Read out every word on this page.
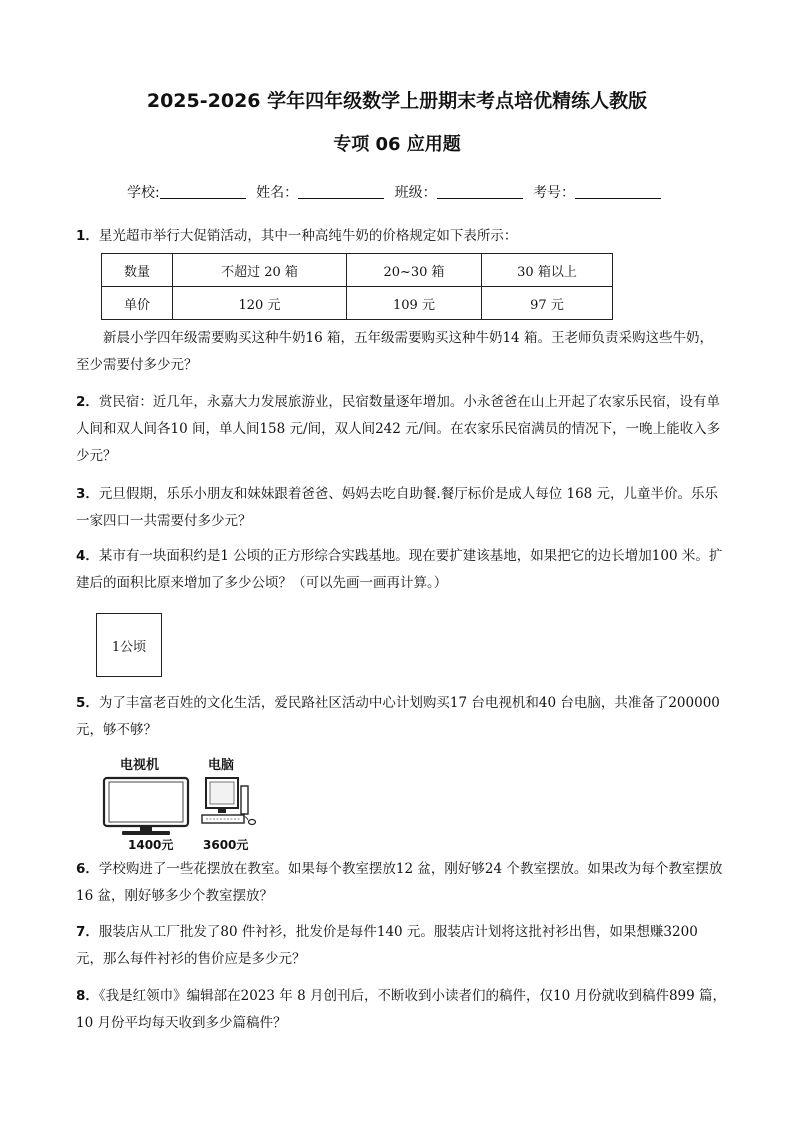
2025-2026 学年四年级数学上册期末考点培优精练人教版
专项 06 应用题
学校:	姓名：	班级：	考号：
1．星光超市举行大促销活动，其中一种高纯牛奶的价格规定如下表所示：
数量	不超过 20 箱	20~30 箱	30 箱以上
单价	120 元	109 元	97 元
新晨小学四年级需要购买这种牛奶16 箱，五年级需要购买这种牛奶14 箱。王老师负责采购这些牛奶，至少需要付多少元？
2．赏民宿：近几年，永嘉大力发展旅游业，民宿数量逐年增加。小永爸爸在山上开起了农家乐民宿，设有单人间和双人间各10 间，单人间158 元/间，双人间242 元/间。在农家乐民宿满员的情况下，一晚上能收入多少元？
3．元旦假期，乐乐小朋友和妹妹跟着爸爸、妈妈去吃自助餐.餐厅标价是成人每位 168 元，儿童半价。乐乐一家四口一共需要付多少元？
4．某市有一块面积约是1 公顷的正方形综合实践基地。现在要扩建该基地，如果把它的边长增加100 米。扩建后的面积比原来增加了多少公顷？（可以先画一画再计算。）
1公顷
5．为了丰富老百姓的文化生活，爱民路社区活动中心计划购买17 台电视机和40 台电脑，共准备了200000 元，够不够？
电视机	电脑
1400元 3600元
6．学校购进了一些花摆放在教室。如果每个教室摆放12 盆，刚好够24 个教室摆放。如果改为每个教室摆放16 盆，刚好够多少个教室摆放？
7．服装店从工厂批发了80 件衬衫，批发价是每件140 元。服装店计划将这批衬衫出售，如果想赚3200 元，那么每件衬衫的售价应是多少元？
8．《我是红领巾》编辑部在2023 年 8 月创刊后，不断收到小读者们的稿件，仅10 月份就收到稿件899 篇，10 月份平均每天收到多少篇稿件？
